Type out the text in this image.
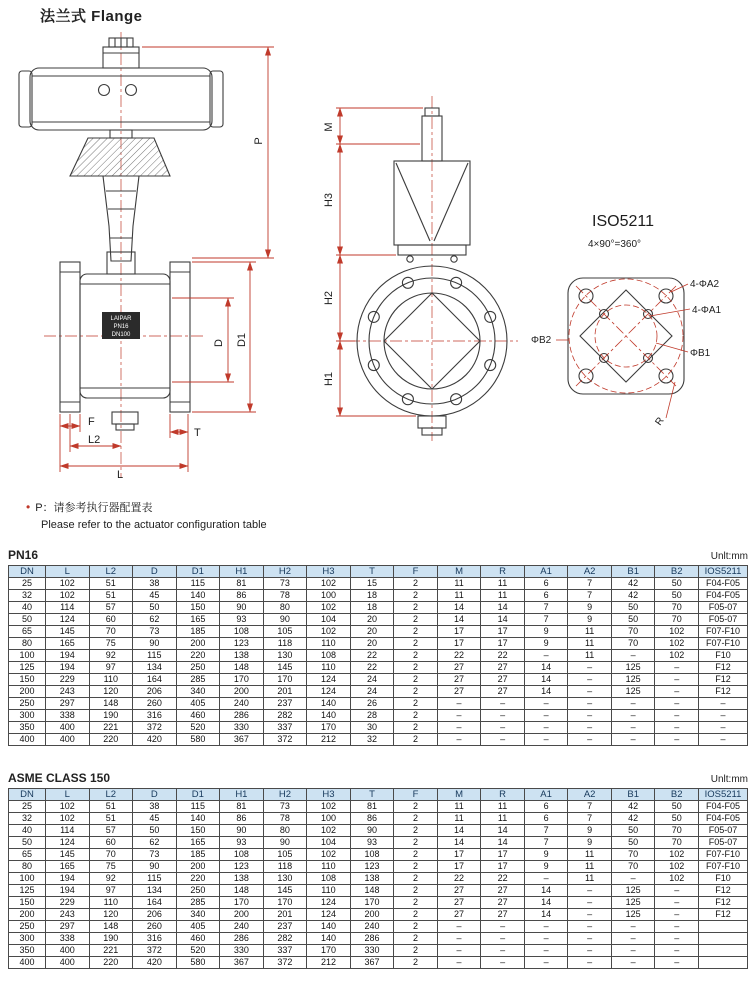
法兰式 Flange
LAIPAR
PN16
DN100
P
D D1
F
L2
T
L
M
H3
H2
H1
ISO5211
4×90°=360°
4-ΦA2
4-ΦA1
ΦB2
ΦB1
R
• P：请参考执行器配置表
Please refer to the actuator configuration table
PN16	Unlt:mm
DN	L	L2	D	D1	H1	H2	H3	T	F	M	R	A1	A2	B1	B2	IOS5211
25	102	51	38	115	81	73	102	15	2	11	11	6	7	42	50	F04-F05
32	102	51	45	140	86	78	100	18	2	11	11	6	7	42	50	F04-F05
40	114	57	50	150	90	80	102	18	2	14	14	7	9	50	70	F05-07
50	124	60	62	165	93	90	104	20	2	14	14	7	9	50	70	F05-07
65	145	70	73	185	108	105	102	20	2	17	17	9	11	70	102	F07-F10
80	165	75	90	200	123	118	110	20	2	17	17	9	11	70	102	F07-F10
100	194	92	115	220	138	130	108	22	2	22	22	–	11	–	102	F10
125	194	97	134	250	148	145	110	22	2	27	27	14	–	125	–	F12
150	229	110	164	285	170	170	124	24	2	27	27	14	–	125	–	F12
200	243	120	206	340	200	201	124	24	2	27	27	14	–	125	–	F12
250	297	148	260	405	240	237	140	26	2	–	–	–	–	–	–	–
300	338	190	316	460	286	282	140	28	2	–	–	–	–	–	–	–
350	400	221	372	520	330	337	170	30	2	–	–	–	–	–	–	–
400	400	220	420	580	367	372	212	32	2	–	–	–	–	–	–	–
ASME CLASS 150	Unlt:mm
DN	L	L2	D	D1	H1	H2	H3	T	F	M	R	A1	A2	B1	B2	IOS5211
25	102	51	38	115	81	73	102	81	2	11	11	6	7	42	50	F04-F05
32	102	51	45	140	86	78	100	86	2	11	11	6	7	42	50	F04-F05
40	114	57	50	150	90	80	102	90	2	14	14	7	9	50	70	F05-07
50	124	60	62	165	93	90	104	93	2	14	14	7	9	50	70	F05-07
65	145	70	73	185	108	105	102	108	2	17	17	9	11	70	102	F07-F10
80	165	75	90	200	123	118	110	123	2	17	17	9	11	70	102	F07-F10
100	194	92	115	220	138	130	108	138	2	22	22	–	11	–	102	F10
125	194	97	134	250	148	145	110	148	2	27	27	14	–	125	–	F12
150	229	110	164	285	170	170	124	170	2	27	27	14	–	125	–	F12
200	243	120	206	340	200	201	124	200	2	27	27	14	–	125	–	F12
250	297	148	260	405	240	237	140	240	2	–	–	–	–	–	–	
300	338	190	316	460	286	282	140	286	2	–	–	–	–	–	–	
350	400	221	372	520	330	337	170	330	2	–	–	–	–	–	–	
400	400	220	420	580	367	372	212	367	2	–	–	–	–	–	–	
